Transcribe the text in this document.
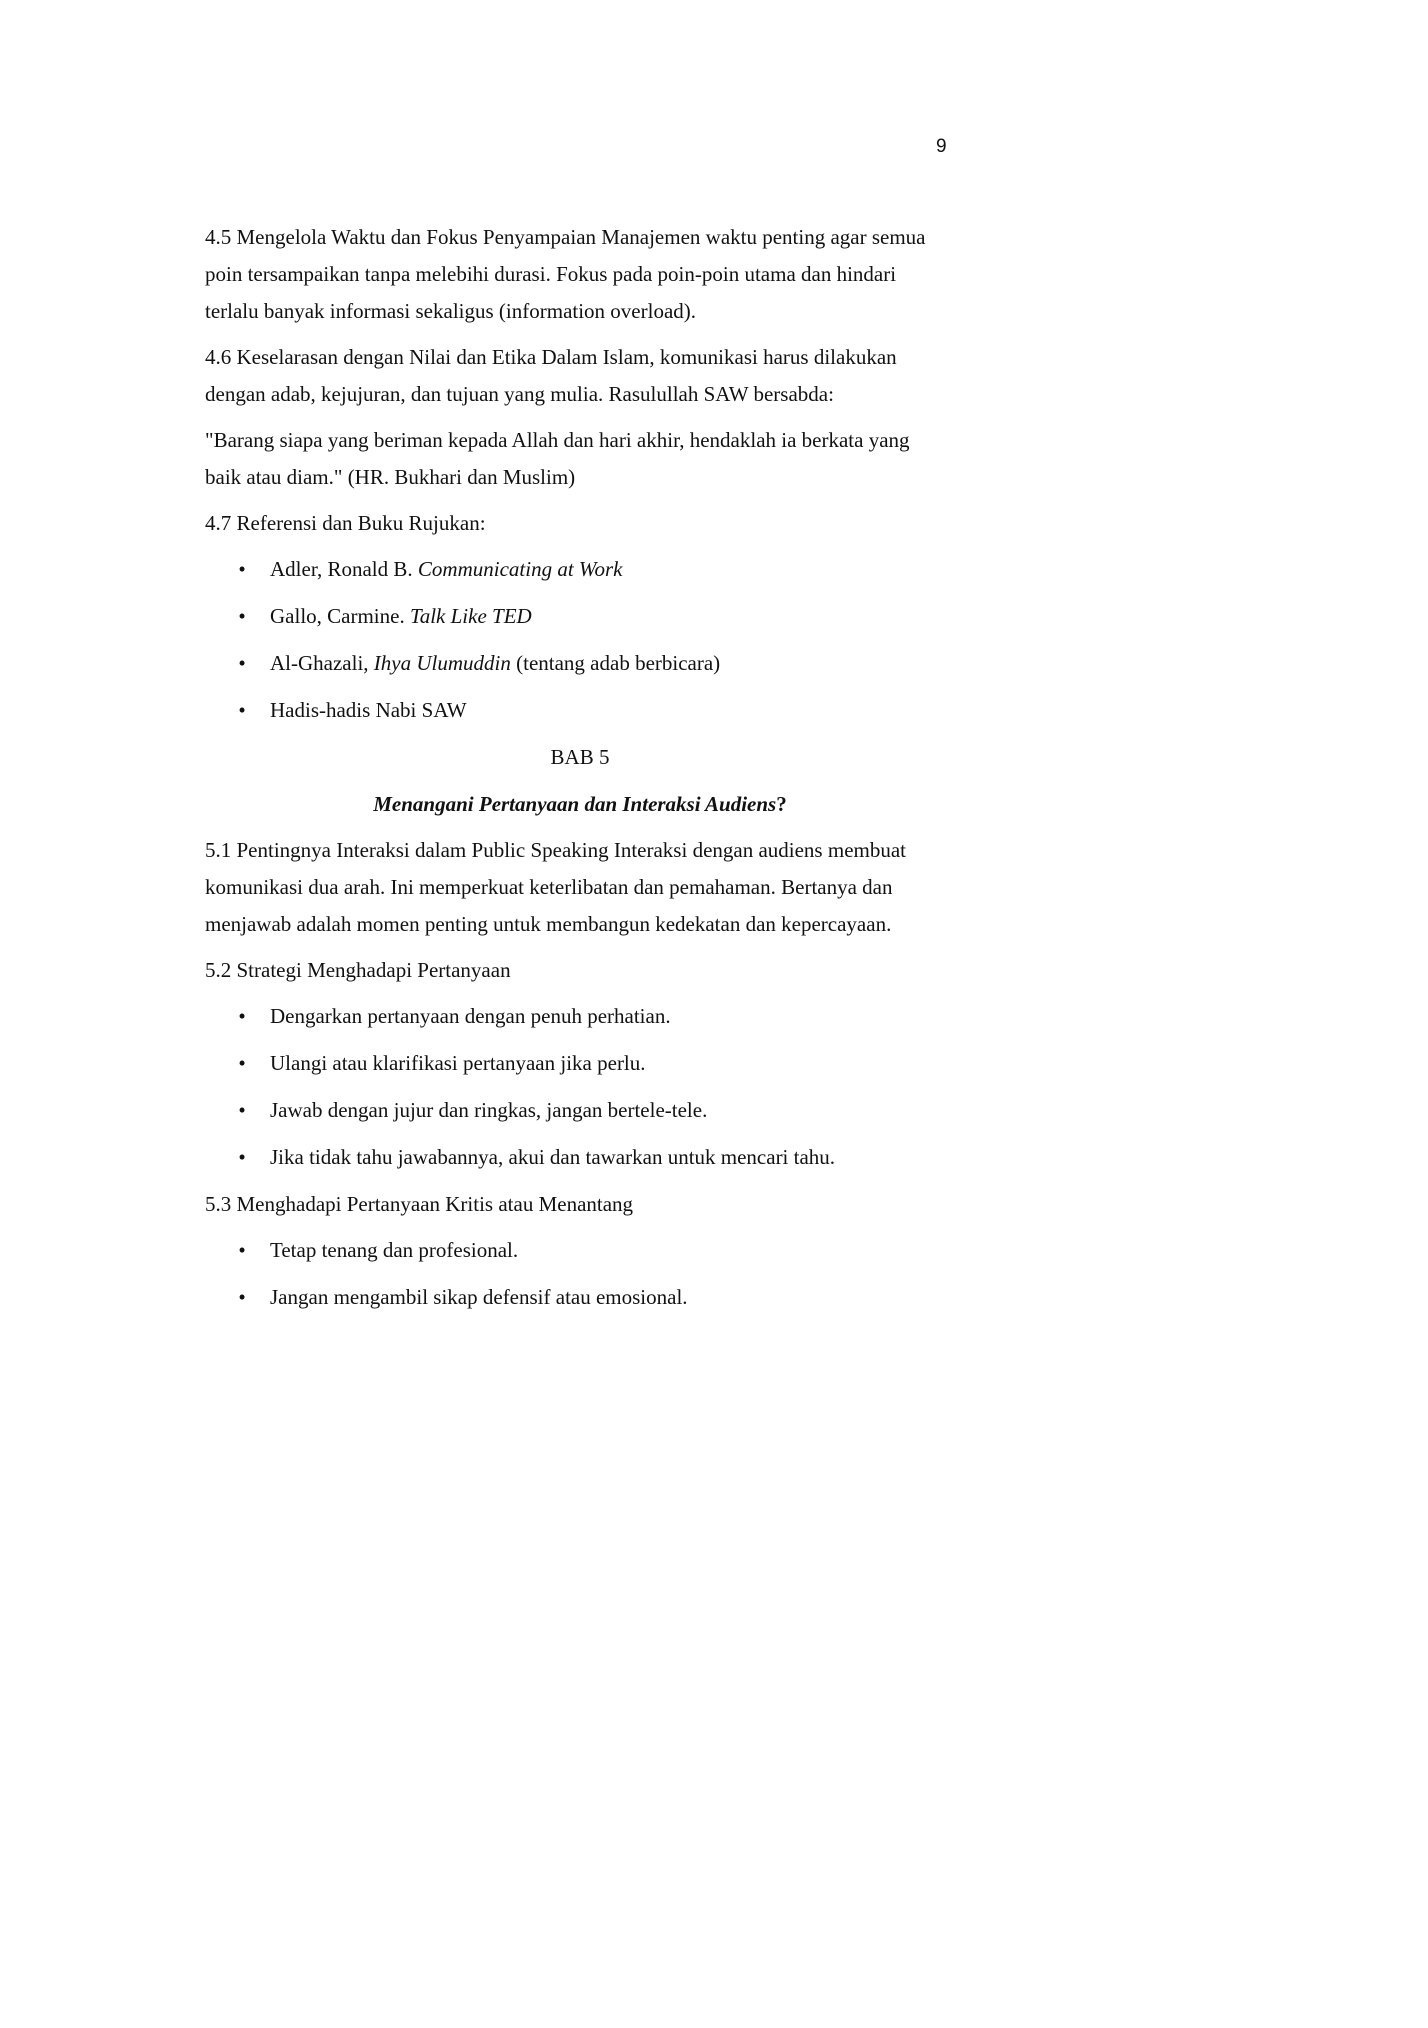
9
4.5 Mengelola Waktu dan Fokus Penyampaian Manajemen waktu penting agar semua
poin tersampaikan tanpa melebihi durasi. Fokus pada poin-poin utama dan hindari
terlalu banyak informasi sekaligus (information overload).
4.6 Keselarasan dengan Nilai dan Etika Dalam Islam, komunikasi harus dilakukan
dengan adab, kejujuran, dan tujuan yang mulia. Rasulullah SAW bersabda:
"Barang siapa yang beriman kepada Allah dan hari akhir, hendaklah ia berkata yang
baik atau diam." (HR. Bukhari dan Muslim)
4.7 Referensi dan Buku Rujukan:
• Adler, Ronald B. Communicating at Work
• Gallo, Carmine. Talk Like TED
• Al-Ghazali, Ihya Ulumuddin (tentang adab berbicara)
• Hadis-hadis Nabi SAW
BAB 5
Menangani Pertanyaan dan Interaksi Audiens?
5.1 Pentingnya Interaksi dalam Public Speaking Interaksi dengan audiens membuat
komunikasi dua arah. Ini memperkuat keterlibatan dan pemahaman. Bertanya dan
menjawab adalah momen penting untuk membangun kedekatan dan kepercayaan.
5.2 Strategi Menghadapi Pertanyaan
• Dengarkan pertanyaan dengan penuh perhatian.
• Ulangi atau klarifikasi pertanyaan jika perlu.
• Jawab dengan jujur dan ringkas, jangan bertele-tele.
• Jika tidak tahu jawabannya, akui dan tawarkan untuk mencari tahu.
5.3 Menghadapi Pertanyaan Kritis atau Menantang
• Tetap tenang dan profesional.
• Jangan mengambil sikap defensif atau emosional.
